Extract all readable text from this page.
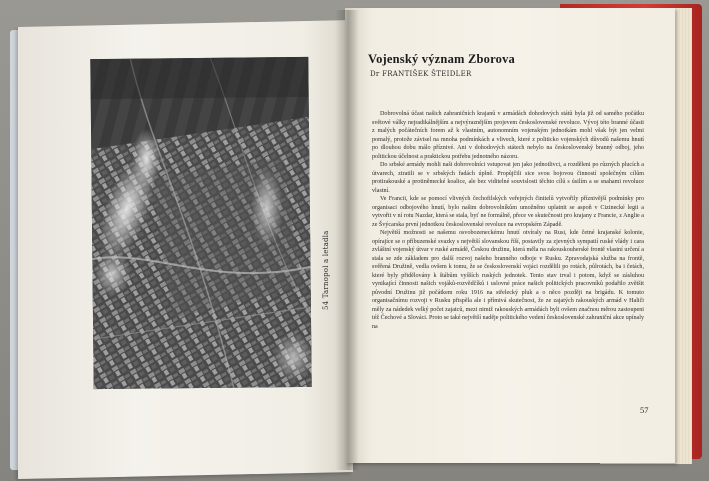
54 Tarnopol a letadla
Vojenský význam Zborova
Dr FRANTIŠEK ŠTEIDLER

Dobrovolná účast našich zahraničních krajanů v armádách dohodových států byla již od samého počátku světové války nejradikálnějším a nejvýraznějším projevem československé revoluce. Vývoj této branné účasti z malých počátečních forem až k vlastním, autonomním vojenským jednotkám mohl však být jen velmi pomalý, protože závisel na mnoha podmínkách a vlivech, které z politicko vojenských důvodů našemu hnutí po dlouhou dobu málo příznivé. Ani v dohodových státech nebylo na československý branný odboj, jeho politickou účelnost a praktickou potřebu jednotného názoru.

Do srbské armády mohli naši dobrovolníci vstupovat jen jako jednotlivci, a rozděleni po různých plucích a útvarech, ztratili se v srbských řadách úplně. Propůjčili sice svou bojovou činností společným cílům protirakouské a protiněmecké koalice, ale bez viditelné souvislosti těchto cílů s úsilím a se snahami revoluce vlastní.

Ve Francii, kde se pomocí vlivných čechofilských veřejných činitelů vytvořily příznivější podmínky pro organisaci odbojového hnutí, bylo našim dobrovolníkům umožněno uplatnit se aspoň v Cizinecké legii a vytvořit v ní rotu Nazdar, která se stala, byť ne formálně, přece ve skutečnosti pro krajany z Francie, z Anglie a ze Švýcarska první jednotkou československé revoluce na evropském Západě.

Největší možnosti se našemu osvobozeneckému hnutí otvíraly na Rusi, kde četné krajanské kolonie, opírajíce se o příbuzenské svazky s největší slovanskou říší, postavily za zjevných sympatií ruské vlády i cara zvláštní vojenský útvar v ruské armádě, Českou družinu, která měla na rakouskouherské frontě vlastní určení a stala se zde základem pro další rozvoj našeho branného odboje v Rusku. Zpravodajská služba na frontě, svěřená Družině, vedla ovšem k tomu, že se československí vojáci rozdělili po rotách, půlrotách, ba i četách, které byly přidělovány k štábům vyšších ruských jednotek. Tento stav trval i potom, když se zásluhou vynikající činnosti našich vojáků-rozvědčíků i uslovné práce našich politických pracovníků podařilo zvětšit původní Družinu již počátkem roku 1916 na střelecký pluk a o něco později na brigádu. K tomuto organisačnímu rozvoji v Rusku přispěla ale i přímivá skutečnost, že ze zajatých rakouských armád v Haliči měly za nádedek velký počet zajatců, mezi nimiž rakouských armádách byli ovšem značnou měrou zastoupeni též Čechové a Slováci. Proto se také největší naděje politického vedení československé zahraniční akce upínaly na

57
